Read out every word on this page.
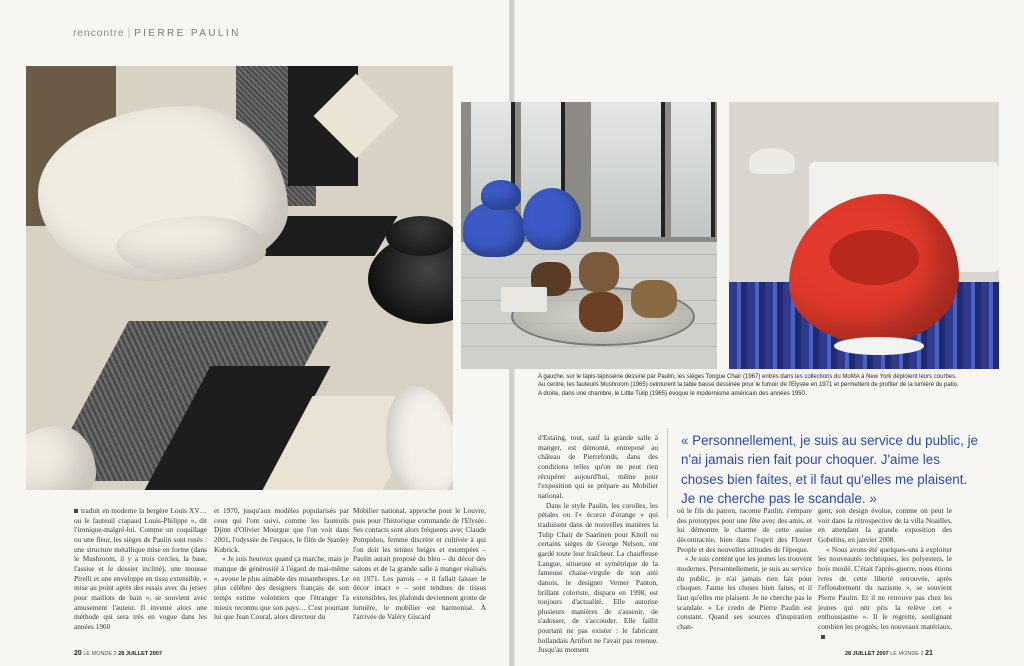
rencontre | PIERRE PAULIN

A gauche, sur le tapis-tapisserie dessiné par Paulin, les sièges Tongue Chair (1967) entrés dans les collections du MoMA à New York déploient leurs courbes.

Au centre, les fauteuils Mushroom (1965) ceinturent la table basse dessinée pour le fumoir de l'Elysée en 1971 et permettent de profiter de la lumière du patio.

A droite, dans une chambre, le Little Tulip (1965) évoque le modernisme américain des années 1950.

traduit en moderne la bergère Louis XV… ou le fauteuil crapaud Louis-Philippe », dit l'ironique-malgré-lui. Comme un coquillage ou une fleur, les sièges de Paulin sont rusés : une structure métallique mise en forme (dans le Mushroom, il y a trois cercles, la base, l'assise et le dossier incliné), une mousse Pirelli et une enveloppe en tissu extensible. « mise au point après des essais avec du jersey pour maillots de bain », se souvient avec amusement l'auteur. Il invente alors une méthode qui sera très en vogue dans les années 1960

et 1970, jusqu'aux modèles popularisés par ceux qui l'ont suivi, comme les fauteuils Djinn d'Olivier Mourgue que l'on voit dans 2001, l'odyssée de l'espace, le film de Stanley Kubrick.

« Je suis heureux quand ça marche, mais je manque de générosité à l'égard de mai-même », avoue le plus aimable des misanthropes. Le plus célèbre des designers français de son temps estime volontiers que l'étranger l'a mieux reconnu que son pays… C'est pourtant lui que Jean Coural, alors directeur du

Mobilier national, approche pour le Louvre, puis pour l'historique commande de l'Elysée. Ses contacts sont alors fréquents avec Claude Pompidou, femme discrète et cultivée à qui l'on doit les teintes beiges et estompées – Paulin aurait proposé du bleu – du décor des salons et de la grande salle à manger réalisés en 1971. Les parois – « il fallait laisser le décor intact » – sont tendues de tissus extensibles, les plafonds deviennent grotte de lumière, le mobilier est harmonisé. À l'arrivée de Valéry Giscard

d'Estaing, tout, sauf la grande salle à manger, est démonté, entreposé au château de Pierrefonds, dans des conditions telles qu'on ne peut rien récupérer aujourd'hui, même pour l'exposition qui se prépare au Mobilier national.

Dans le style Paulin, les corolles, les pétales ou l'« écorce d'orange » qui traduisent dans de nouvelles matières la Tulip Chair de Saarinen pour Knoll ou certains sièges de George Nelson, ont gardé toute leur fraîcheur. La chauffeuse Langue, sinueuse et symétrique de la fameuse chaise-virgule de son ami danois, le designer Verner Panton, brillant coloriste, disparu en 1998, est toujours d'actualité. Elle autorise plusieurs manières de s'asseoir, de s'adosser, de s'accouder. Elle faillit pourtant ne pas exister : le fabricant hollandais Artifort ne l'avait pas retenue. Jusqu'au moment

« Personnellement, je suis au service du public, je n'ai jamais rien fait pour choquer. J'aime les choses bien faites, et il faut qu'elles me plaisent. Je ne cherche pas le scandale. »

où le fils du patron, raconte Paulin, s'empare des prototypes pour une fête avec des amis, et lui démontre le charme de cette assise décontractée, bien dans l'esprit des Flower People et des nouvelles attitudes de l'époque.

« Je suis content que les jeunes les trouvent modernes. Personnellement, je suis au service du public, je n'ai jamais rien fait pour choquer. J'aime les choses bien faites, et il faut qu'elles me plaisent. Je ne cherche pas le scandale. » Le credo de Pierre Paulin est constant. Quand ses sources d'inspiration chan-

gent, son design évolue, comme on peut le voir dans la rétrospective de la villa Noailles, en attendant la grande exposition des Gobelins, en janvier 2008.

« Nous avons été quelques-uns à exploiter les nouveautés techniques, les polyesters, le bois moulé. C'était l'après-guerre, nous étions ivres de cette liberté retrouvée, après l'effondrement du nazisme », se souvient Pierre Paulin. Et il ne retrouve pas chez les jeunes qui ont pris la relève cet « enthousiasme ». Il le regrette, soulignant combien les progrès, les nouveaux matériaux,

20 LE MONDE 2 28 JUILLET 2007	28 JUILLET 2007 LE MONDE 2 21
